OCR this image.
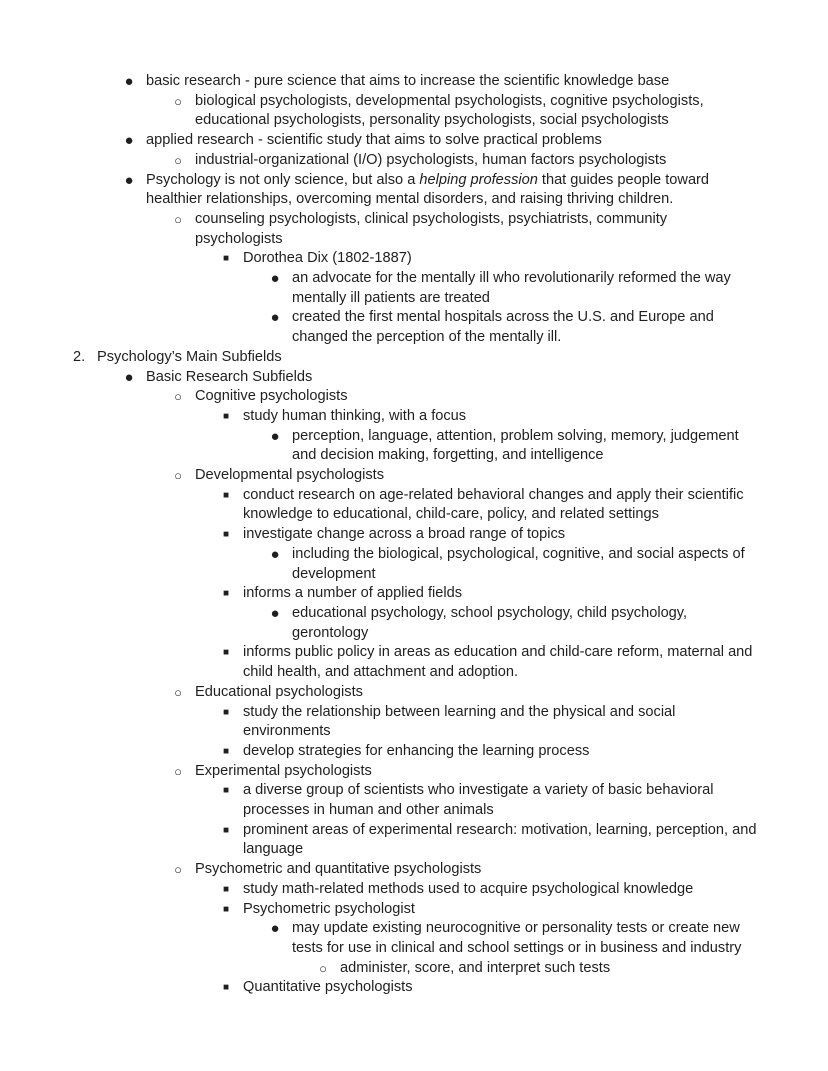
● basic research - pure science that aims to increase the scientific knowledge base
○ biological psychologists, developmental psychologists, cognitive psychologists, educational psychologists, personality psychologists, social psychologists
● applied research - scientific study that aims to solve practical problems
○ industrial-organizational (I/O) psychologists, human factors psychologists
● Psychology is not only science, but also a helping profession that guides people toward healthier relationships, overcoming mental disorders, and raising thriving children.
○ counseling psychologists, clinical psychologists, psychiatrists, community psychologists
■ Dorothea Dix (1802-1887)
● an advocate for the mentally ill who revolutionarily reformed the way mentally ill patients are treated
● created the first mental hospitals across the U.S. and Europe and changed the perception of the mentally ill.
2. Psychology’s Main Subfields
● Basic Research Subfields
○ Cognitive psychologists
■ study human thinking, with a focus
● perception, language, attention, problem solving, memory, judgement and decision making, forgetting, and intelligence
○ Developmental psychologists
■ conduct research on age-related behavioral changes and apply their scientific knowledge to educational, child-care, policy, and related settings
■ investigate change across a broad range of topics
● including the biological, psychological, cognitive, and social aspects of development
■ informs a number of applied fields
● educational psychology, school psychology, child psychology, gerontology
■ informs public policy in areas as education and child-care reform, maternal and child health, and attachment and adoption.
○ Educational psychologists
■ study the relationship between learning and the physical and social environments
■ develop strategies for enhancing the learning process
○ Experimental psychologists
■ a diverse group of scientists who investigate a variety of basic behavioral processes in human and other animals
■ prominent areas of experimental research: motivation, learning, perception, and language
○ Psychometric and quantitative psychologists
■ study math-related methods used to acquire psychological knowledge
■ Psychometric psychologist
● may update existing neurocognitive or personality tests or create new tests for use in clinical and school settings or in business and industry
○ administer, score, and interpret such tests
■ Quantitative psychologists
